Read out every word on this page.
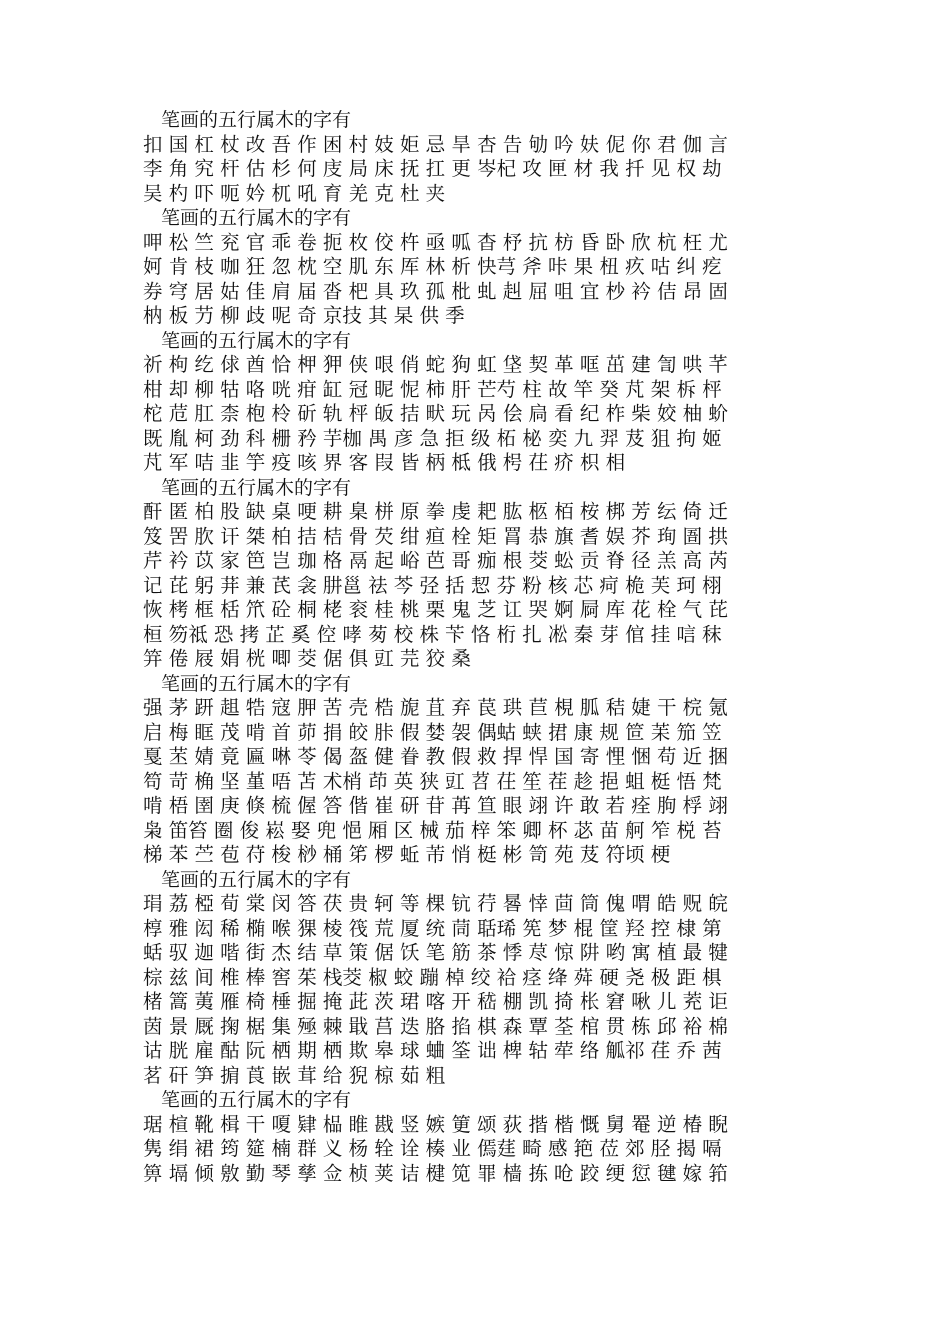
笔画的五行属木的字有
扣 国 杠 杖 改 吾 作 困 村 妓 姖 忌 旱 杏 告 劬 吟 妋 伲 你 君 伽 言
李 角 究 杆 估 杉 何 庋 局 床 抚 扛 更 岑杞 攻 匣 材 我 扦 见 权 劫
吴 杓 吓 呃 妗 杌 吼 育 羌 克 杜 夹
笔画的五行属木的字有
呷 松 竺 兖 官 乖 卷 扼 枚 佼 杵 亟 呱 杳 杼 抗 枋 昏 卧 欣 杭 枉 尤
妸 肯 枝 咖 狂 忽 枕 空 肌 东 厍 林 析 快芎 斧 咔 果 杻 疚 咕 纠 疙
券 穹 居 姑 佳 肩 届 沓 杷 具 玖 孤 枇 虬 赳 屈 咀 宜 杪 衿 佶 昂 固
枘 板 芀 柳 歧 呢 奇 京技 其 杲 供 季
笔画的五行属木的字有
祈 枸 纥 俅 酋 恰 柙 狎 侠 哏 俏 蛇 狗 虹 垡 契 革 哐 茁 建 訇 哄 芊
柑 却 柳 牯 咯 咣 疳 缸 冠 昵 怩 柿 肝 芒芍 柱 故 竿 癸 芃 架 柝 枰
柁 苊 肛 柰 枹 柃 斫 轨 枰 皈 拮 畎 玩 呙 侩 扃 看 纪 柞 柴 姣 柚 蚧
既 胤 柯 劲 科 栅 矜 芋枷 禺 彦 急 拒 级 柘 柲 奕 九 羿 芨 狙 拘 姬
芃 军 咭 韭 竽 疫 咳 界 客 叚 皆 柄 柢 俄 枵 茌 疥 枳 相
笔画的五行属木的字有
酐 匿 柏 股 缺 桌 哽 耕 臬 栟 原 拳 虔 耙 肱 柩 栢 桉 梆 芳 纭 倚 迁
笈 罟 肷 讦 桀 柏 拮 桔 骨 芡 绀 疸 栓 矩 罥 恭 旗 耆 娱 芥 珣 圄 拱
芹 衿 苡 家 笆 岂 珈 格 鬲 起 峪 芭 哥 痂 根 茭 蚣 贡 脊 径 羔 高 芮
记 芘 躬 荓 兼 芪 衾 肼邕 祛 芩 弪 括 恝 芬 粉 核 芯 疴 桅 芙 珂 栩
恢 栲 框 栝 笊 砼 桐 栳 衮 桂 桃 栗 鬼 芝 讧 哭 婀 屙 库 花 栓 气 芘
桓 笏祗 恐 拷 芷 奚 倥 哮 茐 校 株 苄 恪 桁 扎 凇 秦 芽 倌 挂 唁 秣
笄 倦 屐 娟 桄 唧 茭 倨 俱 豇 芫 狡 桑
笔画的五行属木的字有
强 茅 趼 趄 牿 寇 胛 苦 壳 梏 旎 苴 弃 苠 珙 苣 梘 胍 秸 婕 干 梡 氪
启 梅 眶 茂 啃 首 茆 捐 皎 胩 假 婪 袈 偶蛄 蛱 捃 康 规 笸 苿 笳 笠
戛 苤 婧 竟 匾 啉 苓 偈 盔 健 眷 教 假 救 捍 悍 国 寄 悝 悃 苟 近 捆
笱 苛 桷 坚 堇 唔 苫 术梢 茚 英 狭 豇 苕 茌 笙 茬 趁 挹 蛆 梃 悟 梵
啃 梧 圉 庚 倏 梳 偓 答 偕 崔 研 苷 苒 笪 眼 翊 许 敢 若 痊 朐 桴 翊
枭 笛笞 圈 俊 崧 娶 兜 悒 厢 区 械 茄 梓 笨 卿 杯 苾 苗 舸 笮 棁 苔
梯 苯 苎 苞 苻 梭 桫 桶 笫 椤 蚯 芾 悄 梃 彬 笥 苑 芨 符顷 梗
笔画的五行属木的字有
琄 荔 椏 荀 棠 闵 答 茯 贵 轲 等 棵 钪 荇 晷 悻 茴 筒 傀 喟 皓 贶 皖
椁 雅 闳 稀 椭 喉 猓 棱 筏 荒 厦 统 茼 聒琋 筅 梦 棍 筐 羟 控 棣 第
蛞 驭 迦 喈 街 杰 结 草 策 倨 饫 笔 筋 茶 悸 荩 惊 阱 哟 寓 植 最 犍
棕 兹 间 椎 棒 窖 茱 栈茭 椒 蛟 蹦 棹 绞 袷 痉 绛 荈 硬 尧 极 距 椇
楮 篙 荑 雁 椅 棰 掘 掩 茈 茨 珺 喀 开 嵇 棚 凯 掎 枨 窘 啾 儿 茺 讵
茵 景 厩 掬 椐 集 殛 棘 戢 莒 迭 胳 掐 棋 森 覃 荃 棺 贯 栋 邱 裕 棉
诂 胱 雇 酤 阮 栖 期 栖 欺 皋 球 蛐 筌 诎 椑 轱 荦 络 觚祁 荏 乔 茜
茗 矸 笋 掮 莨 嵌 茸 给 猊 椋 茹 粗
笔画的五行属木的字有
琚 楦 靴 楫 干 嗄 肄 榀 睢 戡 竖 嫉 筻 颂 荻 揩 楷 慨 舅 罨 逆 椿 睨
隽 绢 裙 筠 筵 楠 群 义 杨 辁 诠 楱 业 傿莛 畸 感 筢 莅 郊 胫 揭 嗝
箅 塥 倾 敫 勤 琴 孳 佥 桢 荚 诘 楗 笕 罪 樯 拣 呛 跤 绠 愆 毽 嫁 筘
